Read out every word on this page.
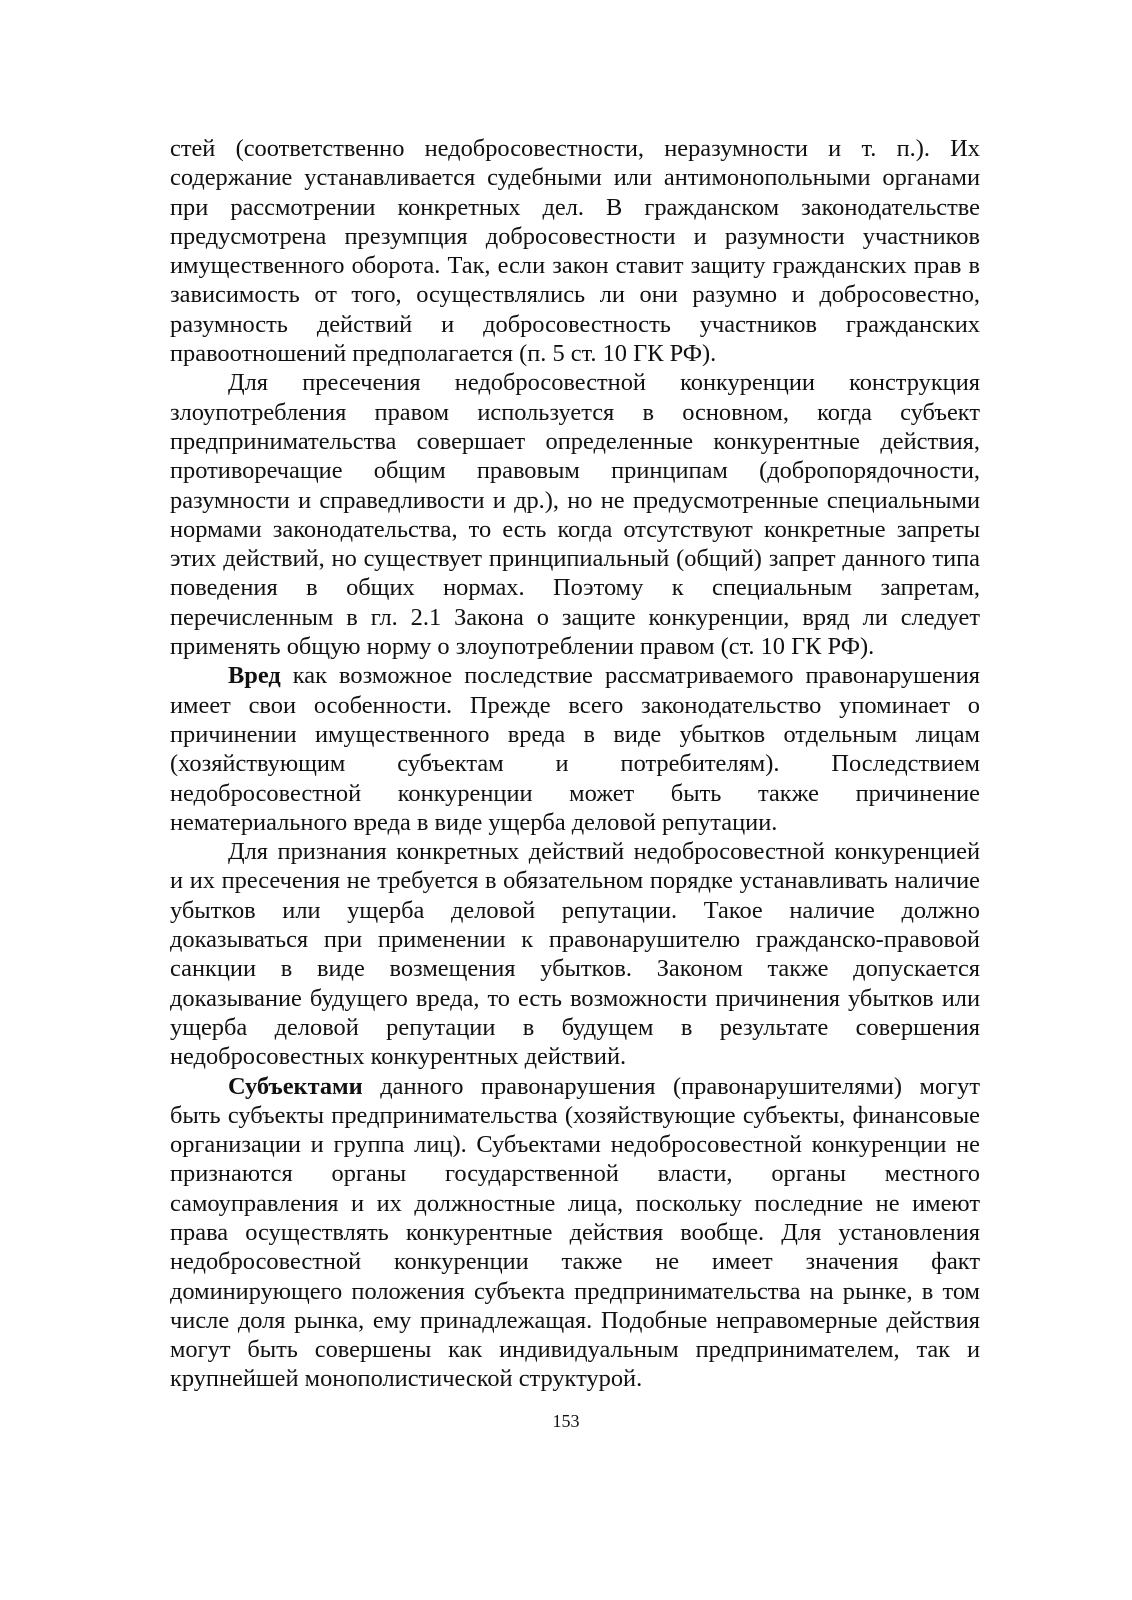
стей (соответственно недобросовестности, неразумности и т. п.). Их содержание устанавливается судебными или антимонопольными органами при рассмотрении конкретных дел. В гражданском законодательстве предусмотрена презумпция добросовестности и разумности участников имущественного оборота. Так, если закон ставит защиту гражданских прав в зависимость от того, осуществлялись ли они разумно и добросовестно, разумность действий и добросовестность участников гражданских правоотношений предполагается (п. 5 ст. 10 ГК РФ).

Для пресечения недобросовестной конкуренции конструкция злоупотребления правом используется в основном, когда субъект предпринимательства совершает определенные конкурентные действия, противоречащие общим правовым принципам (добропорядочности, разумности и справедливости и др.), но не предусмотренные специальными нормами законодательства, то есть когда отсутствуют конкретные запреты этих действий, но существует принципиальный (общий) запрет данного типа поведения в общих нормах. Поэтому к специальным запретам, перечисленным в гл. 2.1 Закона о защите конкуренции, вряд ли следует применять общую норму о злоупотреблении правом (ст. 10 ГК РФ).

Вред как возможное последствие рассматриваемого правонарушения имеет свои особенности. Прежде всего законодательство упоминает о причинении имущественного вреда в виде убытков отдельным лицам (хозяйствующим субъектам и потребителям). Последствием недобросовестной конкуренции может быть также причинение нематериального вреда в виде ущерба деловой репутации.

Для признания конкретных действий недобросовестной конкуренцией и их пресечения не требуется в обязательном порядке устанавливать наличие убытков или ущерба деловой репутации. Такое наличие должно доказываться при применении к правонарушителю гражданско-правовой санкции в виде возмещения убытков. Законом также допускается доказывание будущего вреда, то есть возможности причинения убытков или ущерба деловой репутации в будущем в результате совершения недобросовестных конкурентных действий.

Субъектами данного правонарушения (правонарушителями) могут быть субъекты предпринимательства (хозяйствующие субъекты, финансовые организации и группа лиц). Субъектами недобросовестной конкуренции не признаются органы государственной власти, органы местного самоуправления и их должностные лица, поскольку последние не имеют права осуществлять конкурентные действия вообще. Для установления недобросовестной конкуренции также не имеет значения факт доминирующего положения субъекта предпринимательства на рынке, в том числе доля рынка, ему принадлежащая. Подобные неправомерные действия могут быть совершены как индивидуальным предпринимателем, так и крупнейшей монополистической структурой.

153
